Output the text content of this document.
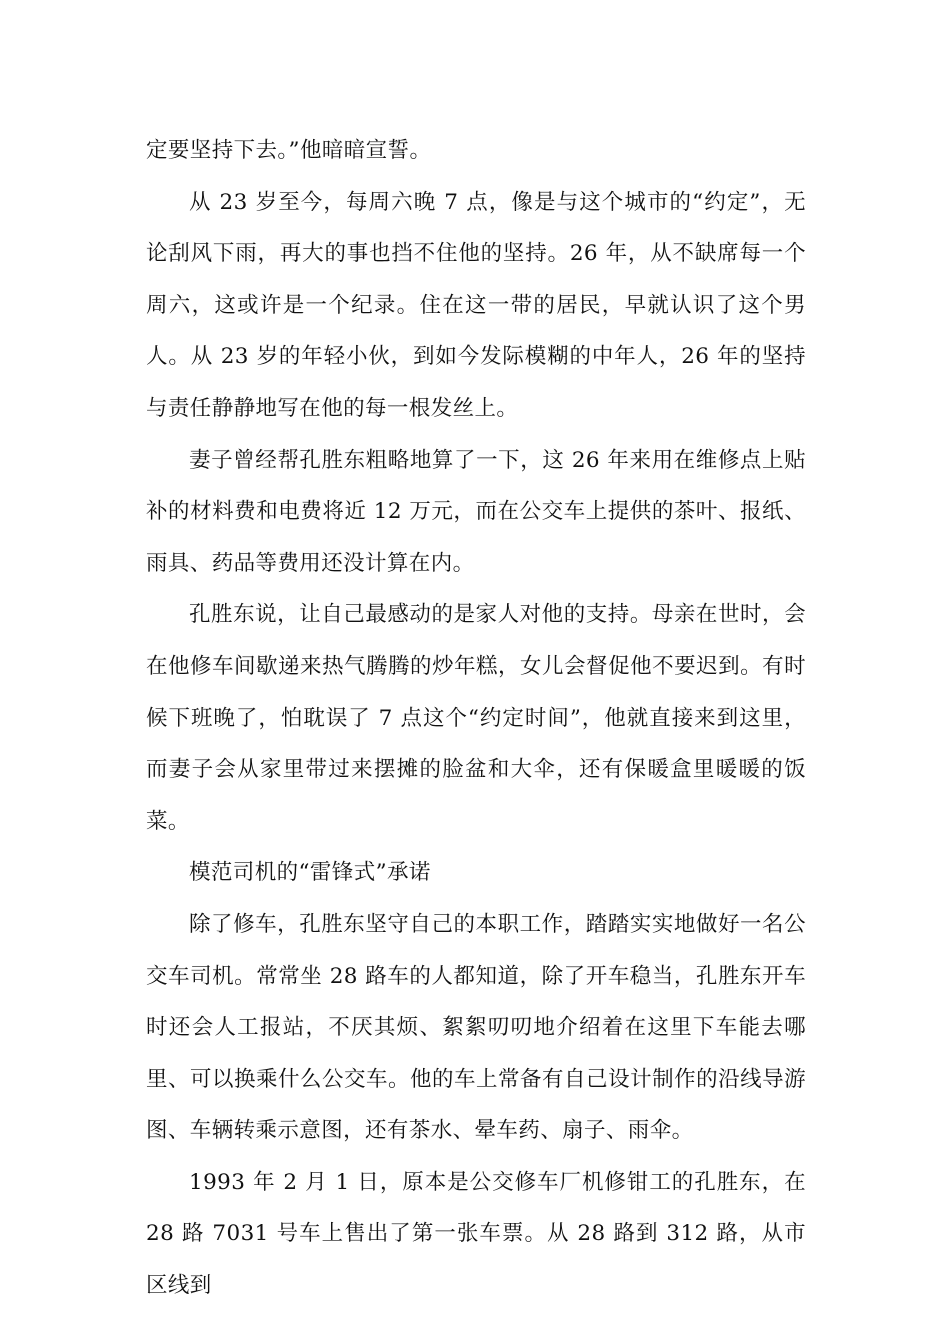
定要坚持下去。”他暗暗宣誓。

从 23 岁至今，每周六晚 7 点，像是与这个城市的“约定”，无论刮风下雨，再大的事也挡不住他的坚持。26 年，从不缺席每一个周六，这或许是一个纪录。住在这一带的居民，早就认识了这个男人。从 23 岁的年轻小伙，到如今发际模糊的中年人，26 年的坚持与责任静静地写在他的每一根发丝上。

妻子曾经帮孔胜东粗略地算了一下，这 26 年来用在维修点上贴补的材料费和电费将近 12 万元，而在公交车上提供的茶叶、报纸、雨具、药品等费用还没计算在内。

孔胜东说，让自己最感动的是家人对他的支持。母亲在世时，会在他修车间歇递来热气腾腾的炒年糕，女儿会督促他不要迟到。有时候下班晚了，怕耽误了 7 点这个“约定时间”，他就直接来到这里，而妻子会从家里带过来摆摊的脸盆和大伞，还有保暖盒里暖暖的饭菜。

模范司机的“雷锋式”承诺

除了修车，孔胜东坚守自己的本职工作，踏踏实实地做好一名公交车司机。常常坐 28 路车的人都知道，除了开车稳当，孔胜东开车时还会人工报站，不厌其烦、絮絮叨叨地介绍着在这里下车能去哪里、可以换乘什么公交车。他的车上常备有自己设计制作的沿线导游图、车辆转乘示意图，还有茶水、晕车药、扇子、雨伞。

1993 年 2 月 1 日，原本是公交修车厂机修钳工的孔胜东，在 28 路 7031 号车上售出了第一张车票。从 28 路到 312 路，从市区线到
